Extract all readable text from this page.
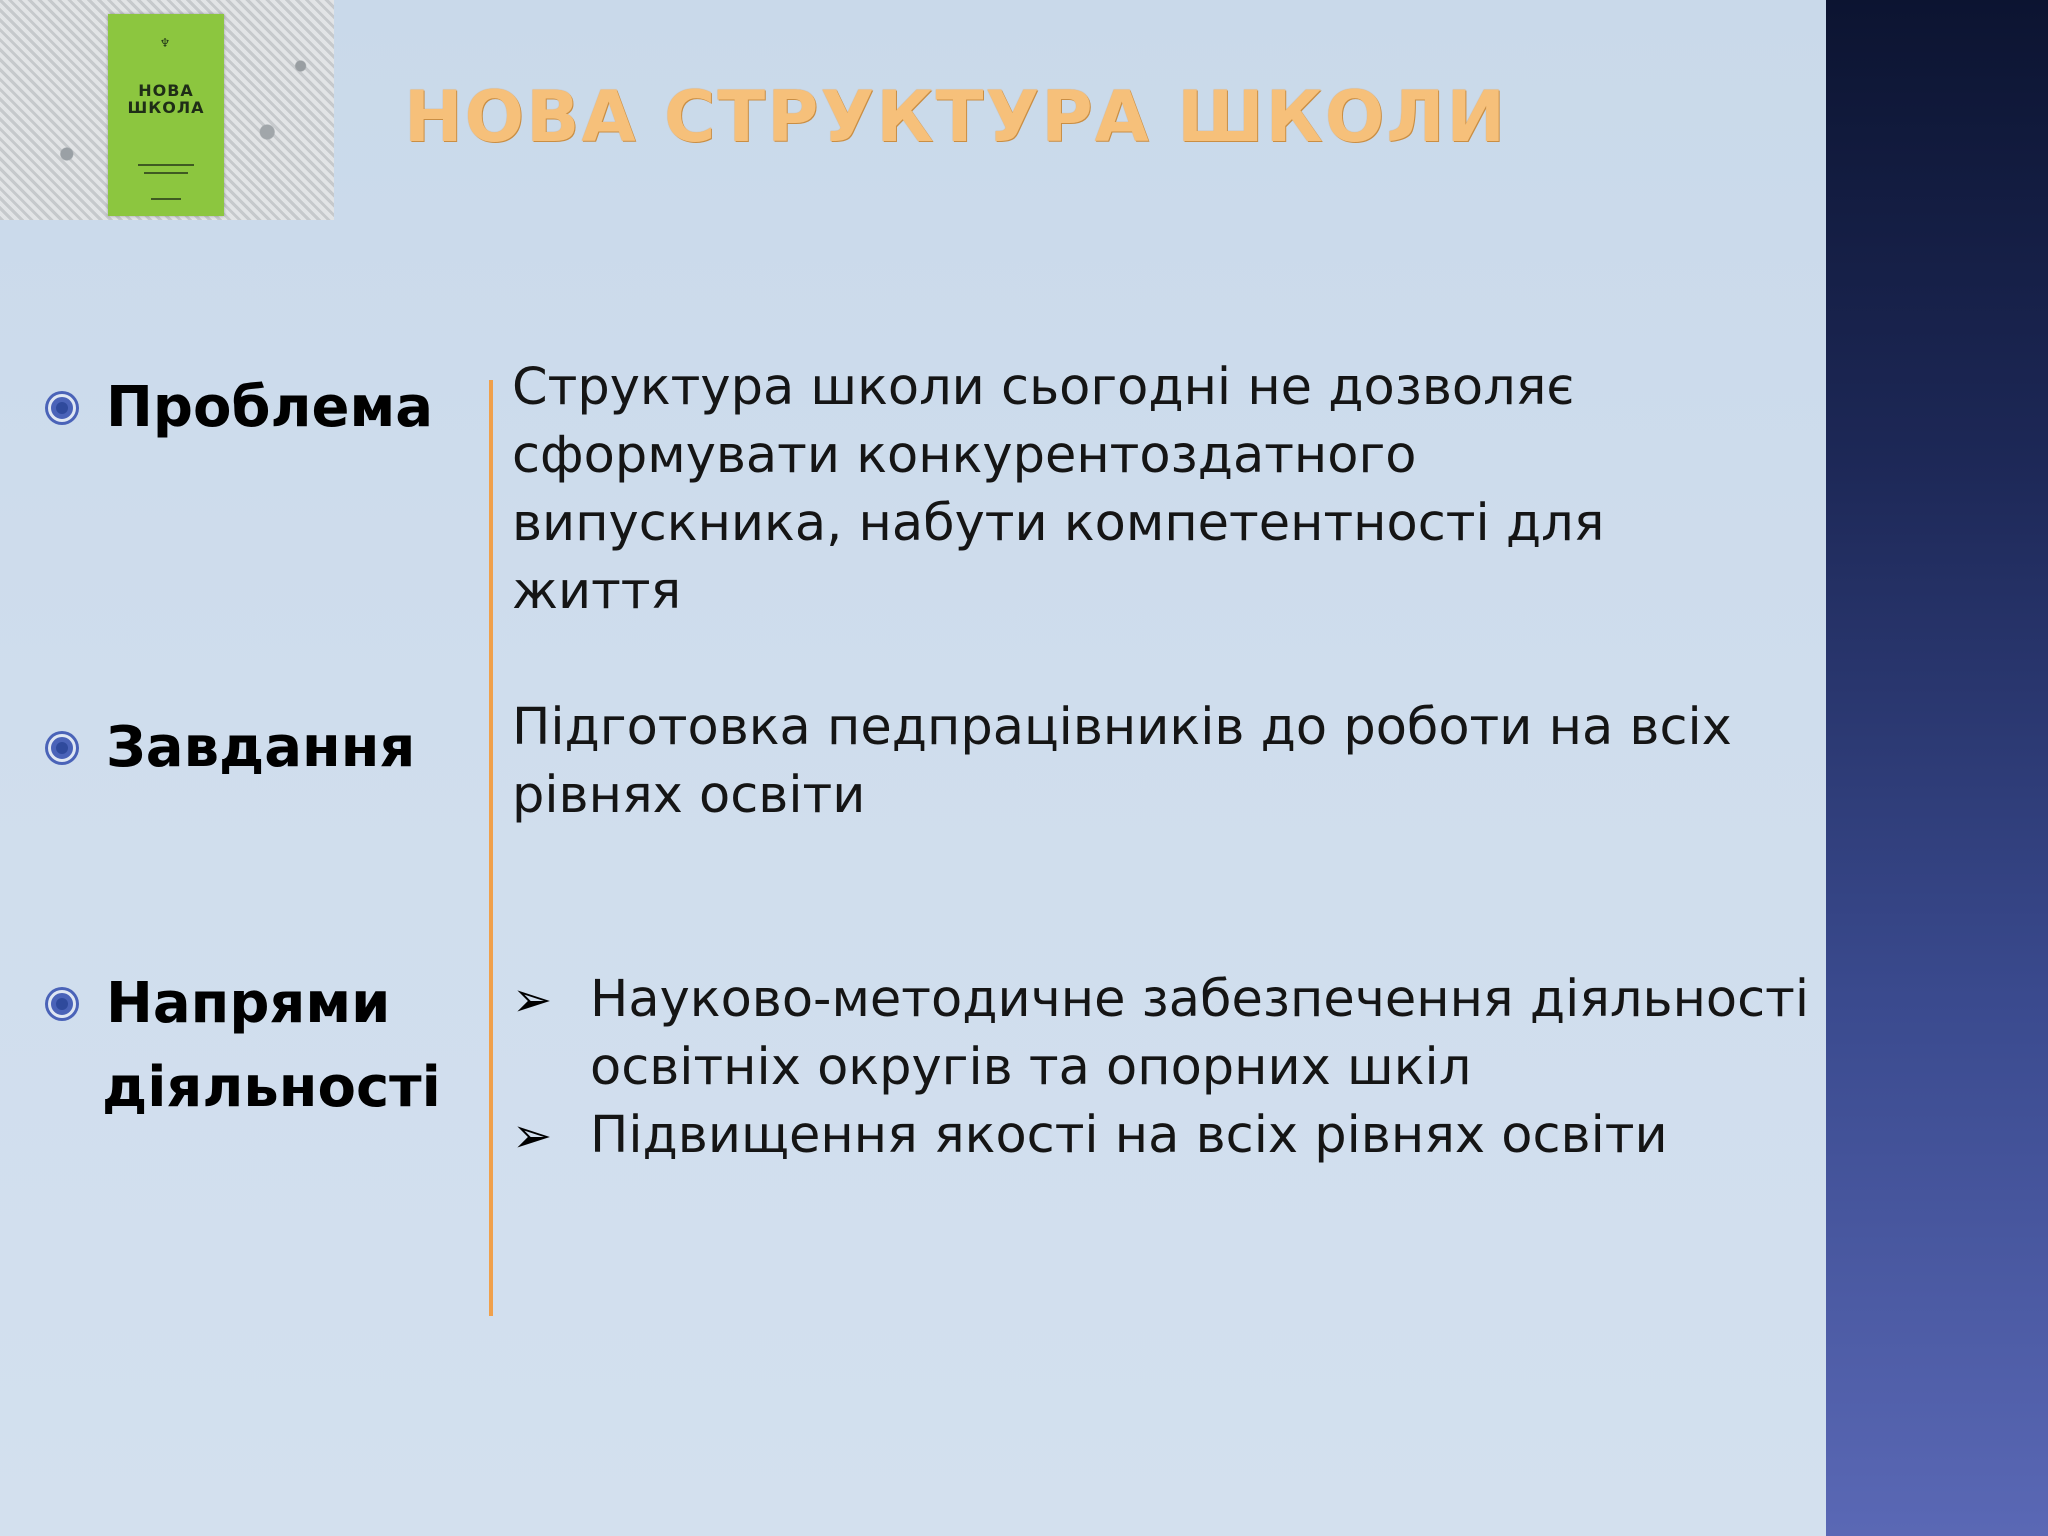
♆
НОВА
ШКОЛА	НОВА СТРУКТУРА ШКОЛИ
Проблема Структура школи сьогодні не дозволяє сформувати конкурентоздатного випускника, набути компетентності для життя

Завдання Підготовка педпрацівників до роботи на всіх рівнях освіти

Напрями
діяльності
➢ Науково-методичне забезпечення діяльності освітніх округів та опорних шкіл
➢ Підвищення якості на всіх рівнях освіти
